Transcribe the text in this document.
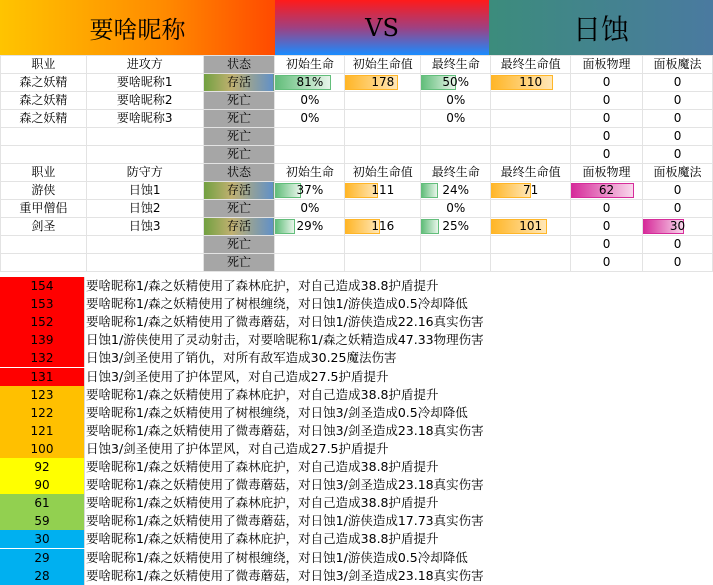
要啥昵称	VS	日蚀
职业	进攻方	状态	初始生命	初始生命值	最终生命	最终生命值	面板物理	面板魔法
森之妖精	要啥昵称1	存活	81%	178	50%	110	0	0

森之妖精	要啥昵称2	死亡	0%		0%		0	0

森之妖精	要啥昵称3	死亡	0%		0%		0	0

		死亡					0	0

		死亡					0	0

职业	防守方	状态	初始生命	初始生命值	最终生命	最终生命值	面板物理	面板魔法
游侠	日蚀1	存活	37%	111	24%	71	62	0

重甲僧侣	日蚀2	死亡	0%		0%		0	0

剑圣	日蚀3	存活	29%	116	25%	101	0	30

		死亡					0	0

		死亡					0	0
154	要啥昵称1/森之妖精使用了森林庇护，对自己造成38.8护盾提升
153	要啥昵称1/森之妖精使用了树根缠绕，对日蚀1/游侠造成0.5冷却降低
152	要啥昵称1/森之妖精使用了微毒蘑菇，对日蚀1/游侠造成22.16真实伤害
139	日蚀1/游侠使用了灵动射击，对要啥昵称1/森之妖精造成47.33物理伤害
132	日蚀3/剑圣使用了销仇，对所有敌军造成30.25魔法伤害
131	日蚀3/剑圣使用了护体罡风，对自己造成27.5护盾提升
123	要啥昵称1/森之妖精使用了森林庇护，对自己造成38.8护盾提升
122	要啥昵称1/森之妖精使用了树根缠绕，对日蚀3/剑圣造成0.5冷却降低
121	要啥昵称1/森之妖精使用了微毒蘑菇，对日蚀3/剑圣造成23.18真实伤害
100	日蚀3/剑圣使用了护体罡风，对自己造成27.5护盾提升
92	要啥昵称1/森之妖精使用了森林庇护，对自己造成38.8护盾提升
90	要啥昵称1/森之妖精使用了微毒蘑菇，对日蚀3/剑圣造成23.18真实伤害
61	要啥昵称1/森之妖精使用了森林庇护，对自己造成38.8护盾提升
59	要啥昵称1/森之妖精使用了微毒蘑菇，对日蚀1/游侠造成17.73真实伤害
30	要啥昵称1/森之妖精使用了森林庇护，对自己造成38.8护盾提升
29	要啥昵称1/森之妖精使用了树根缠绕，对日蚀1/游侠造成0.5冷却降低
28	要啥昵称1/森之妖精使用了微毒蘑菇，对日蚀3/剑圣造成23.18真实伤害
